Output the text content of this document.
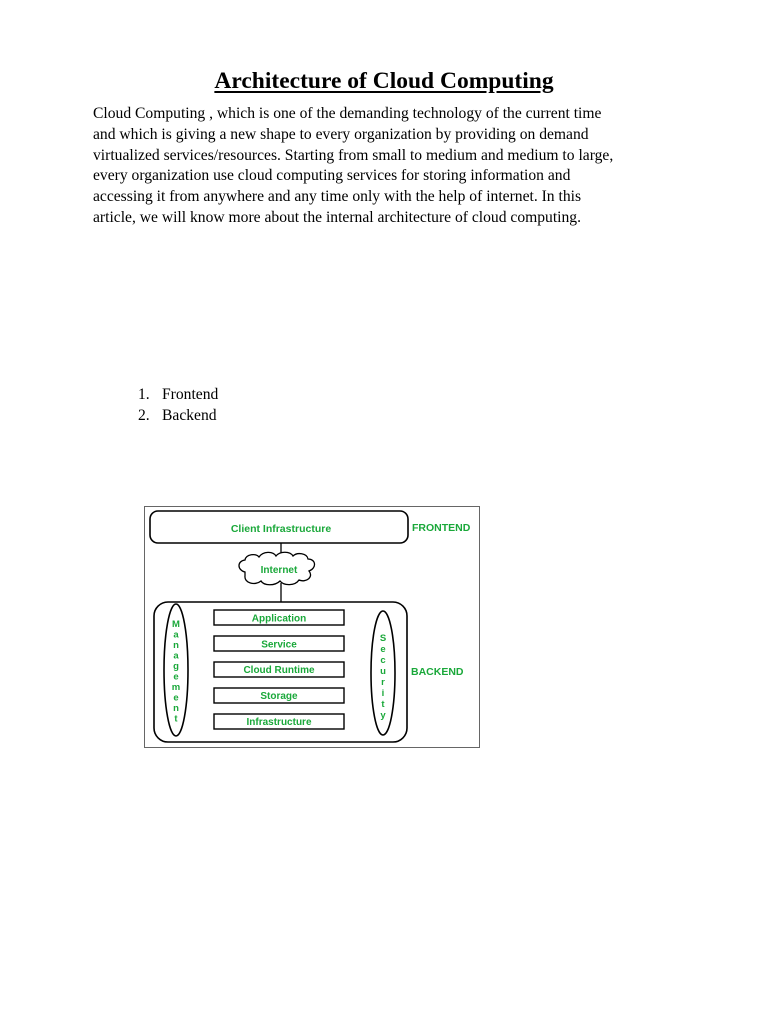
Architecture of Cloud Computing

Cloud Computing , which is one of the demanding technology of the current time
and which is giving a new shape to every organization by providing on demand
virtualized services/resources. Starting from small to medium and medium to large,
every organization use cloud computing services for storing information and
accessing it from anywhere and any time only with the help of internet. In this
article, we will know more about the internal architecture of cloud computing.

1. Frontend
2. Backend
Client Infrastructure	FRONTEND
Internet
BACKEND
M
a
n
a
g
e
m
e
n
t
S
e
c
u
r
i
t
y
Application
Service
Cloud Runtime
Storage
Infrastructure
